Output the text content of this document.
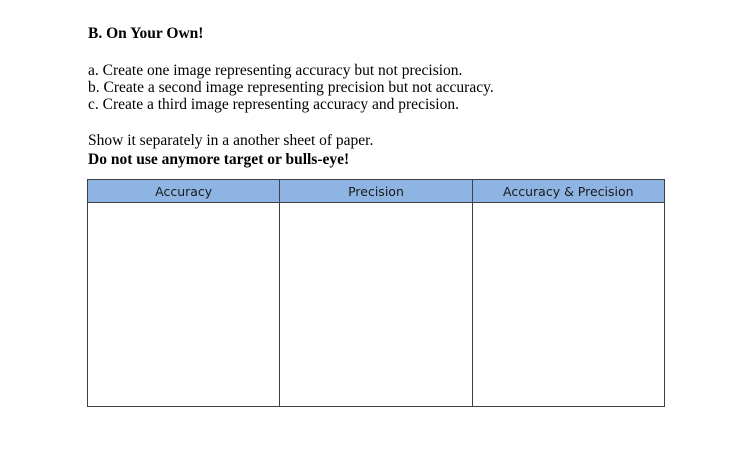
B. On Your Own!
a. Create one image representing accuracy but not precision.
b. Create a second image representing precision but not accuracy.
c. Create a third image representing accuracy and precision.
Show it separately in a another sheet of paper.
Do not use anymore target or bulls-eye!
Accuracy	Precision	Accuracy & Precision
